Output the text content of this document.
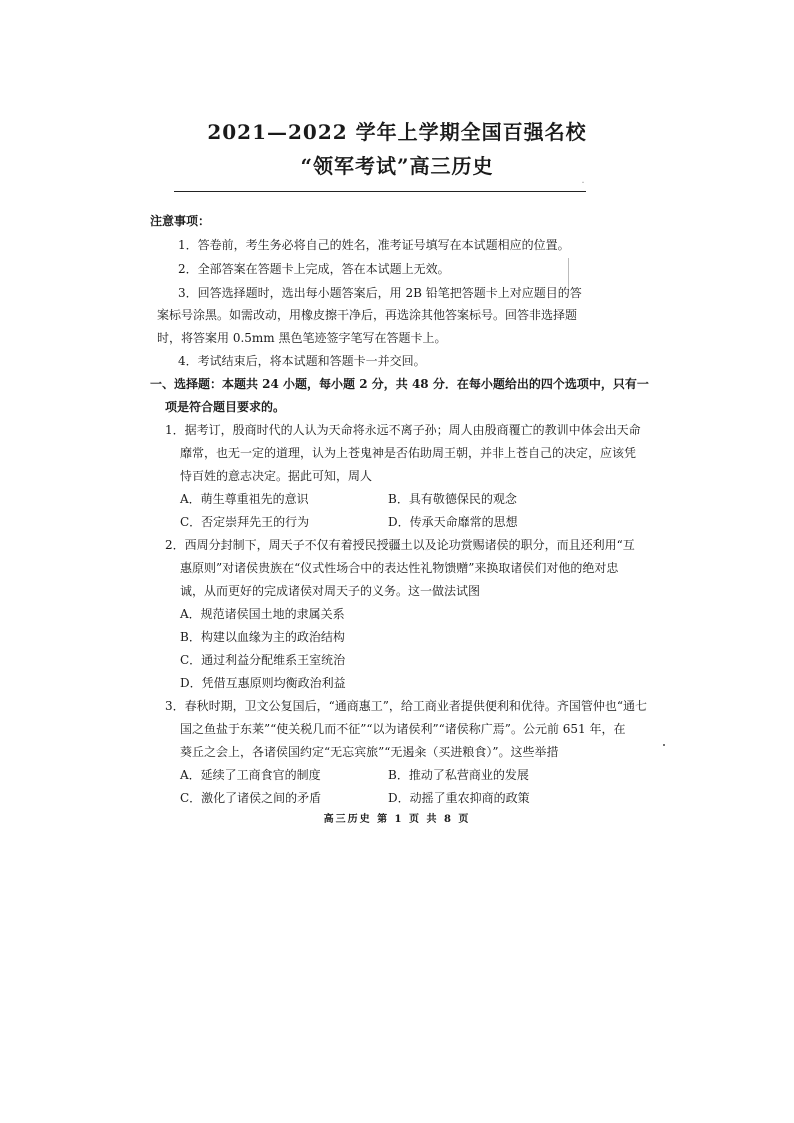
2021—2022 学年上学期全国百强名校
“领军考试”高三历史
˙
注意事项：
1．答卷前，考生务必将自己的姓名，准考证号填写在本试题相应的位置。
2．全部答案在答题卡上完成，答在本试题上无效。
3．回答选择题时，选出每小题答案后，用 2B 铅笔把答题卡上对应题目的答
案标号涂黑。如需改动，用橡皮擦干净后，再选涂其他答案标号。回答非选择题
时，将答案用 0.5mm 黑色笔迹签字笔写在答题卡上。
4．考试结束后，将本试题和答题卡一并交回。
一、选择题：本题共 24 小题，每小题 2 分，共 48 分．在每小题给出的四个选项中，只有一
项是符合题目要求的。
1．据考订，殷商时代的人认为天命将永远不离子孙；周人由殷商覆亡的教训中体会出天命
靡常，也无一定的道理，认为上苍鬼神是否佑助周王朝，并非上苍自己的决定，应该凭
恃百姓的意志决定。据此可知，周人
A．萌生尊重祖先的意识	B．具有敬德保民的观念
C．否定崇拜先王的行为	D．传承天命靡常的思想
2．西周分封制下，周天子不仅有着授民授疆土以及论功赏赐诸侯的职分，而且还利用“互
惠原则”对诸侯贵族在“仪式性场合中的表达性礼物馈赠”来换取诸侯们对他的绝对忠
诚，从而更好的完成诸侯对周天子的义务。这一做法试图
A．规范诸侯国土地的隶属关系
B．构建以血缘为主的政治结构
C．通过利益分配维系王室统治
D．凭借互惠原则均衡政治利益
3．春秋时期，卫文公复国后，“通商惠工”，给工商业者提供便利和优待。齐国管仲也“通七
国之鱼盐于东莱”“使关税几而不征”“以为诸侯利”“诸侯称广焉”。公元前 651 年，在
葵丘之会上，各诸侯国约定“无忘宾旅”“无遏籴（买进粮食）”。这些举措
A．延续了工商食官的制度	B．推动了私营商业的发展
C．激化了诸侯之间的矛盾	D．动摇了重农抑商的政策
高三历史 第 1 页 共 8 页
